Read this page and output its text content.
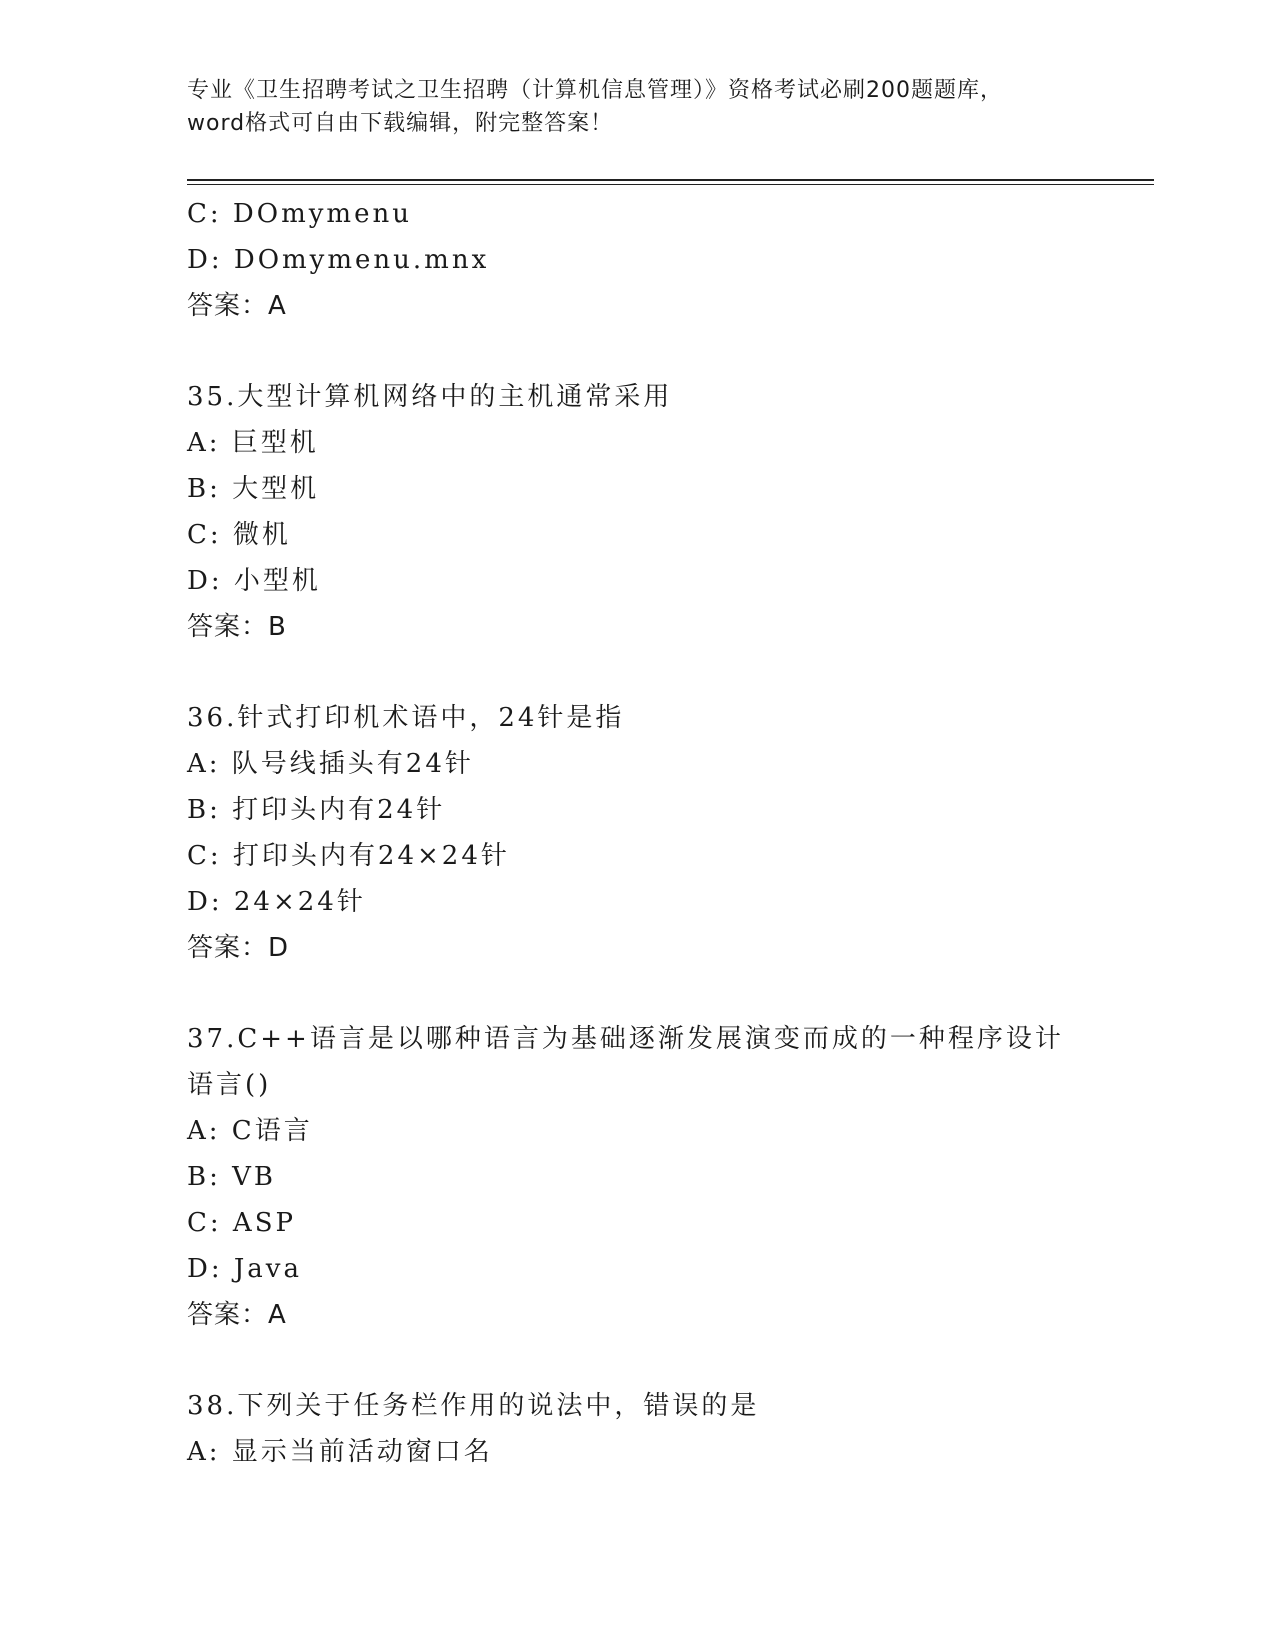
专业《卫生招聘考试之卫生招聘（计算机信息管理）》资格考试必刷200题题库，
word格式可自由下载编辑，附完整答案！
C: DOmymenu
D: DOmymenu.mnx
答案：A
35.大型计算机网络中的主机通常采用
A: 巨型机
B: 大型机
C: 微机
D: 小型机
答案：B
36.针式打印机术语中，24针是指
A: 队号线插头有24针
B: 打印头内有24针
C: 打印头内有24×24针
D: 24×24针
答案：D
37.C++语言是以哪种语言为基础逐渐发展演变而成的一种程序设计语言()
A: C语言
B: VB
C: ASP
D: Java
答案：A
38.下列关于任务栏作用的说法中，错误的是
A: 显示当前活动窗口名
